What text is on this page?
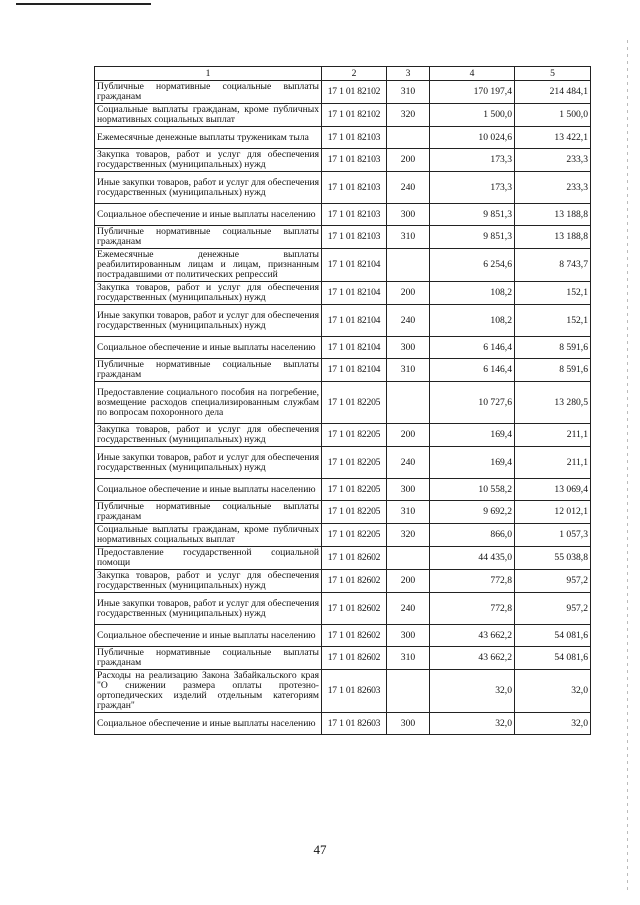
1	2	3	4	5
Публичные нормативные социальные выплаты гражданам	17 1 01 82102	310	170 197,4	214 484,1
Социальные выплаты гражданам, кроме публичных нормативных социальных выплат	17 1 01 82102	320	1 500,0	1 500,0
Ежемесячные денежные выплаты труженикам тыла	17 1 01 82103		10 024,6	13 422,1
Закупка товаров, работ и услуг для обеспечения государственных (муниципальных) нужд	17 1 01 82103	200	173,3	233,3
Иные закупки товаров, работ и услуг для обеспечения государственных (муниципальных) нужд	17 1 01 82103	240	173,3	233,3
Социальное обеспечение и иные выплаты населению	17 1 01 82103	300	9 851,3	13 188,8
Публичные нормативные социальные выплаты гражданам	17 1 01 82103	310	9 851,3	13 188,8
Ежемесячные денежные выплаты реабилитированным лицам и лицам, признанным пострадавшими от политических репрессий	17 1 01 82104		6 254,6	8 743,7
Закупка товаров, работ и услуг для обеспечения государственных (муниципальных) нужд	17 1 01 82104	200	108,2	152,1
Иные закупки товаров, работ и услуг для обеспечения государственных (муниципальных) нужд	17 1 01 82104	240	108,2	152,1
Социальное обеспечение и иные выплаты населению	17 1 01 82104	300	6 146,4	8 591,6
Публичные нормативные социальные выплаты гражданам	17 1 01 82104	310	6 146,4	8 591,6
Предоставление социального пособия на погребение, возмещение расходов специализированным службам по вопросам похоронного дела	17 1 01 82205		10 727,6	13 280,5
Закупка товаров, работ и услуг для обеспечения государственных (муниципальных) нужд	17 1 01 82205	200	169,4	211,1
Иные закупки товаров, работ и услуг для обеспечения государственных (муниципальных) нужд	17 1 01 82205	240	169,4	211,1
Социальное обеспечение и иные выплаты населению	17 1 01 82205	300	10 558,2	13 069,4
Публичные нормативные социальные выплаты гражданам	17 1 01 82205	310	9 692,2	12 012,1
Социальные выплаты гражданам, кроме публичных нормативных социальных выплат	17 1 01 82205	320	866,0	1 057,3
Предоставление государственной социальной помощи	17 1 01 82602		44 435,0	55 038,8
Закупка товаров, работ и услуг для обеспечения государственных (муниципальных) нужд	17 1 01 82602	200	772,8	957,2
Иные закупки товаров, работ и услуг для обеспечения государственных (муниципальных) нужд	17 1 01 82602	240	772,8	957,2
Социальное обеспечение и иные выплаты населению	17 1 01 82602	300	43 662,2	54 081,6
Публичные нормативные социальные выплаты гражданам	17 1 01 82602	310	43 662,2	54 081,6
Расходы на реализацию Закона Забайкальского края "О снижении размера оплаты протезно-ортопедических изделий отдельным категориям граждан"	17 1 01 82603		32,0	32,0
Социальное обеспечение и иные выплаты населению	17 1 01 82603	300	32,0	32,0
47
